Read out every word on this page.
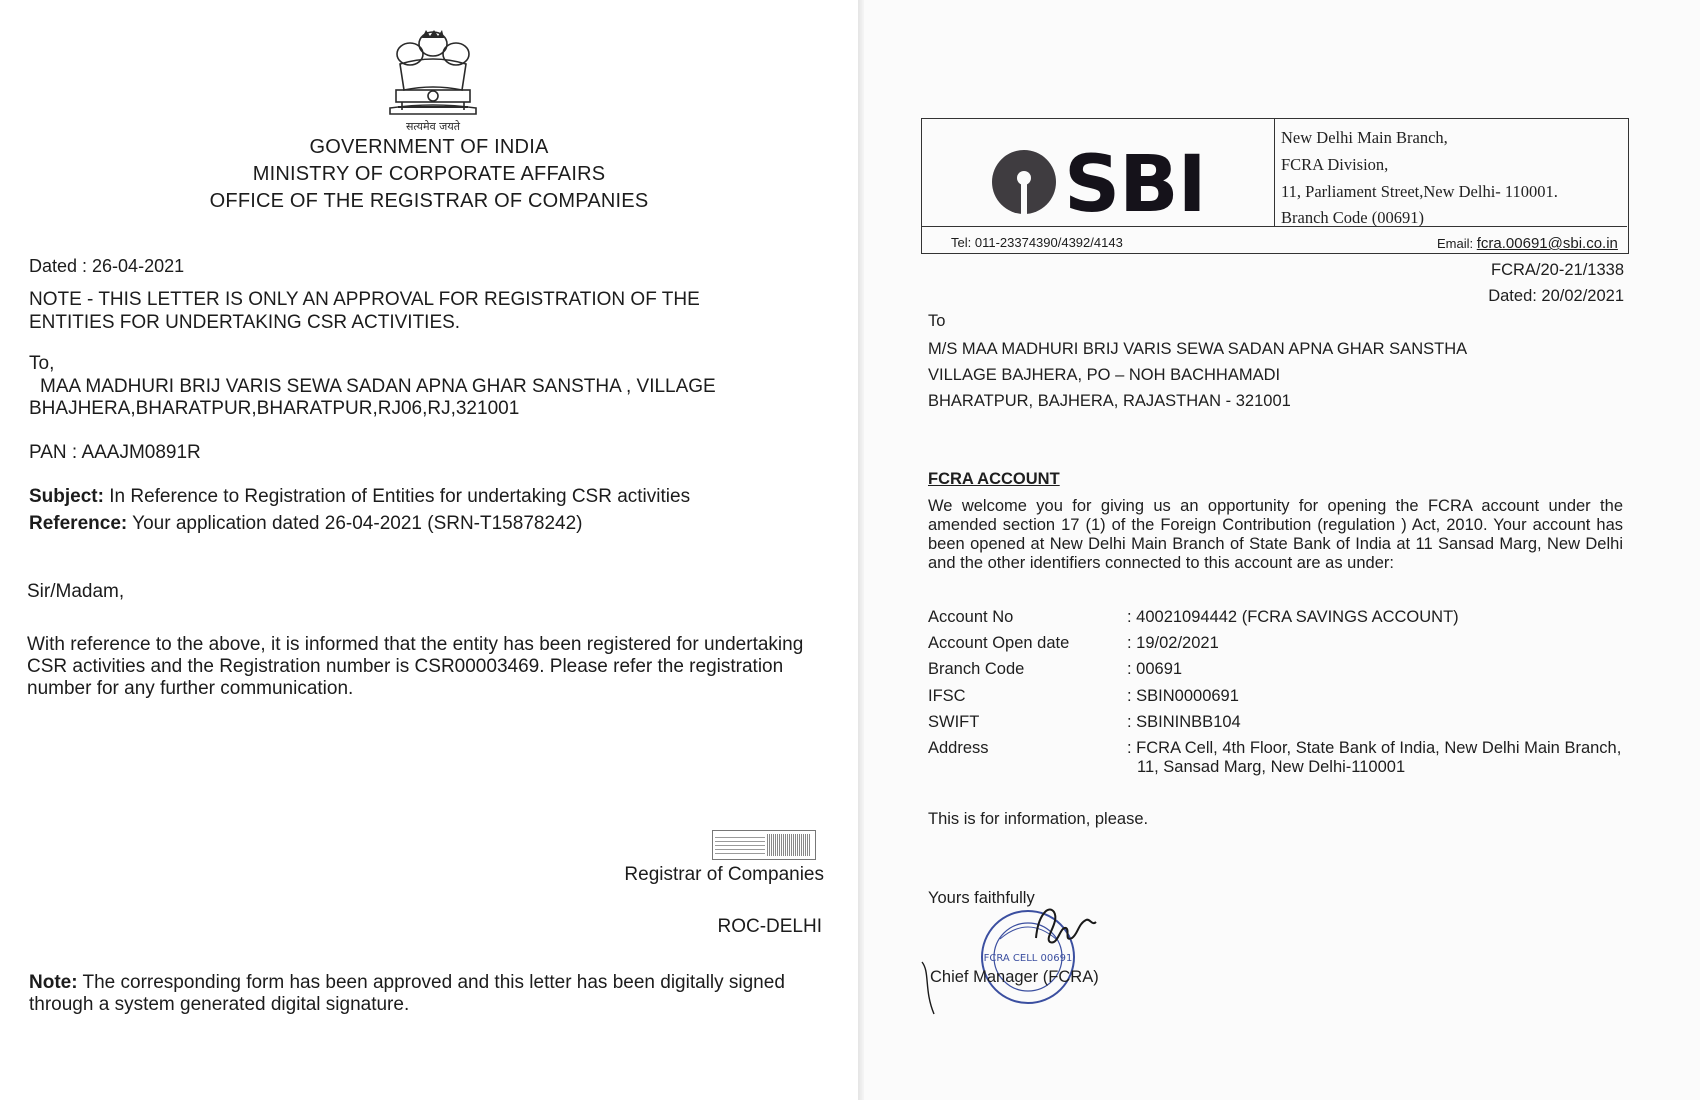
सत्यमेव जयते
GOVERNMENT OF INDIA
MINISTRY OF CORPORATE AFFAIRS
OFFICE OF THE REGISTRAR OF COMPANIES
Dated : 26-04-2021
NOTE - THIS LETTER IS ONLY AN APPROVAL FOR REGISTRATION OF THE
ENTITIES FOR UNDERTAKING CSR ACTIVITIES.
To,
MAA MADHURI BRIJ VARIS SEWA SADAN APNA GHAR SANSTHA , VILLAGE
BHAJHERA,BHARATPUR,BHARATPUR,RJ06,RJ,321001
PAN : AAAJM0891R
Subject: In Reference to Registration of Entities for undertaking CSR activities
Reference: Your application dated 26-04-2021 (SRN-T15878242)
Sir/Madam,
With reference to the above, it is informed that the entity has been registered for undertaking
CSR activities and the Registration number is CSR00003469. Please refer the registration
number for any further communication.
Registrar of Companies
ROC-DELHI
Note: The corresponding form has been approved and this letter has been digitally signed
through a system generated digital signature.
SBI
New Delhi Main Branch,
FCRA Division,
11, Parliament Street,New Delhi- 110001.
Branch Code (00691)
Tel: 011-23374390/4392/4143	Email: fcra.00691@sbi.co.in
FCRA/20-21/1338
Dated: 20/02/2021
To
M/S MAA MADHURI BRIJ VARIS SEWA SADAN APNA GHAR SANSTHA
VILLAGE BAJHERA, PO – NOH BACHHAMADI
BHARATPUR, BAJHERA, RAJASTHAN - 321001
FCRA ACCOUNT
We welcome you for giving us an opportunity for opening the FCRA account under the
amended section 17 (1) of the Foreign Contribution (regulation ) Act, 2010. Your account has
been opened at New Delhi Main Branch of State Bank of India at 11 Sansad Marg, New Delhi
and the other identifiers connected to this account are as under:
Account No	: 40021094442 (FCRA SAVINGS ACCOUNT)
Account Open date	: 19/02/2021
Branch Code	: 00691
IFSC	: SBIN0000691
SWIFT	: SBININBB104
Address	: FCRA Cell, 4th Floor, State Bank of India, New Delhi Main Branch,
11, Sansad Marg, New Delhi-110001
This is for information, please.
Yours faithfully
FCRA CELL 00691
Chief Manager (FCRA)
